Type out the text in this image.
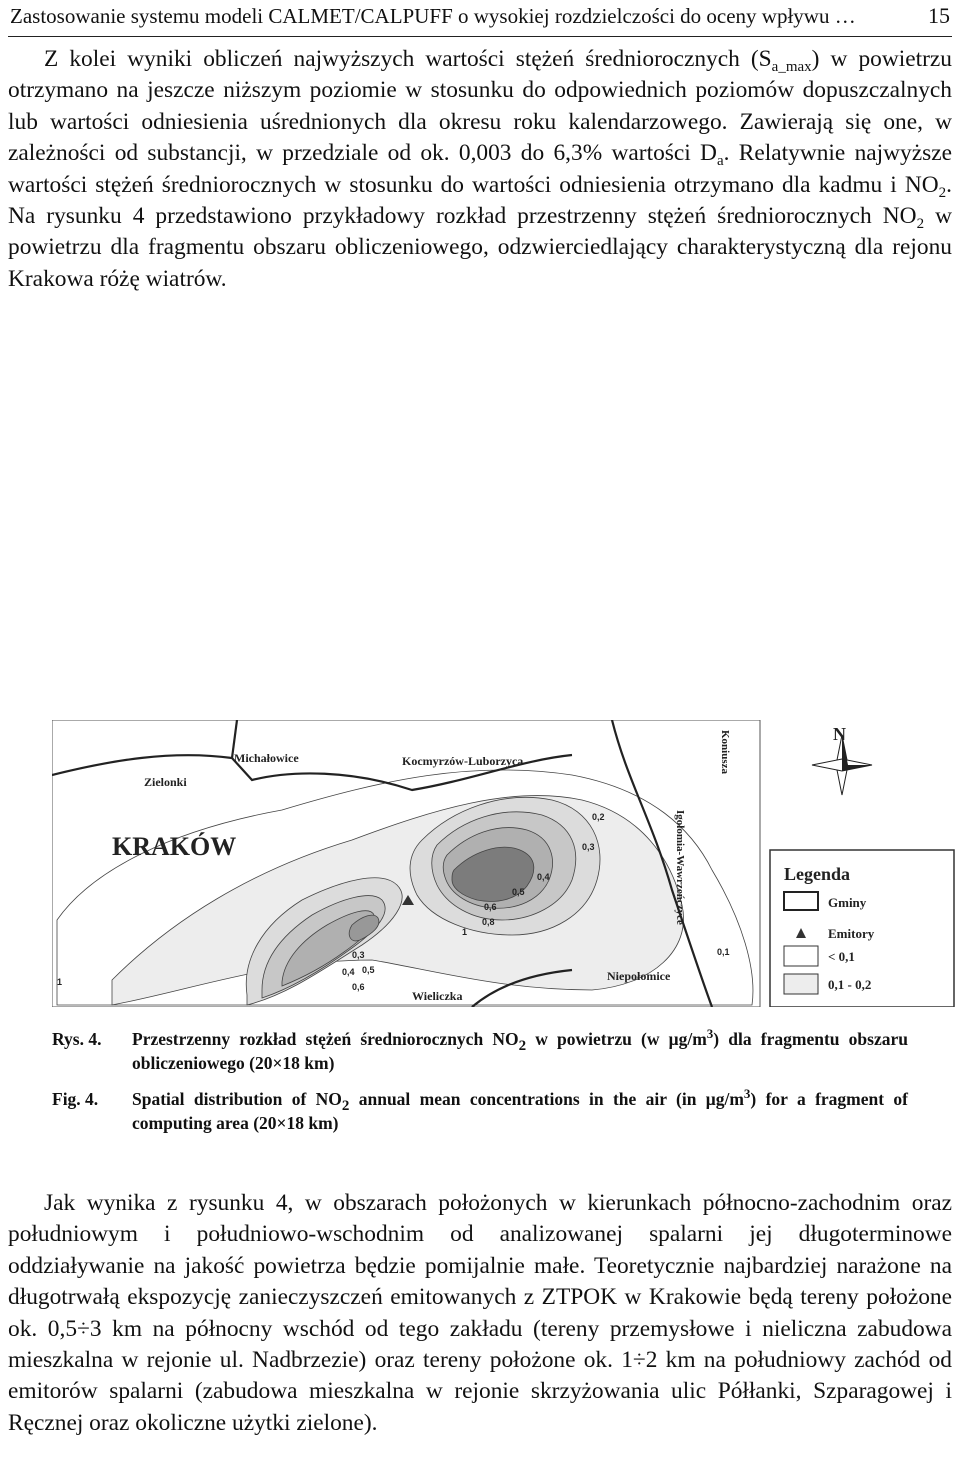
Zastosowanie systemu modeli CALMET/CALPUFF o wysokiej rozdzielczości do oceny wpływu …	15

Z kolei wyniki obliczeń najwyższych wartości stężeń średniorocznych $(S_{a\_max})$ w powietrzu otrzymano na jeszcze niższym poziomie w stosunku do odpowiednich poziomów dopuszczalnych lub wartości odniesienia uśrednionych dla okresu roku kalendarzowego. Zawierają się one, w zależności od substancji, w przedziale od ok. 0,003 do 6,3% wartości $D_a$. Relatywnie najwyższe wartości stężeń średniorocznych w stosunku do wartości odniesienia otrzymano dla kadmu i $NO_2$. Na rysunku 4 przedstawiono przykładowy rozkład przestrzenny stężeń średniorocznych $NO_2$ w powietrzu dla fragmentu obszaru obliczeniowego, odzwierciedlający charakterystyczną dla rejonu Krakowa różę wiatrów.

Michałowice
Zielonki
Kocmyrzów-Luborzyca	Koniusza
KRAKÓW	Igołomia-Wawrzeńczyce
Niepołomice
Wieliczka
0,2
0,3
0,4
0,5
0,6
0,8
1
0,3
0,4 0,5
0,6
0,1
1
N
Legenda
Gminy
Emitory
< 0,1
0,1 - 0,2
Rys. 4. Przestrzenny rozkład stężeń średniorocznych $NO_2$ w powietrzu (w $\mu g/m^3$) dla fragmentu obszaru obliczeniowego (20×18 km)
Fig. 4. Spatial distribution of $NO_2$ annual mean concentrations in the air (in $\mu g/m^3$) for a fragment of computing area (20×18 km)

Jak wynika z rysunku 4, w obszarach położonych w kierunkach północno-zachodnim oraz południowym i południowo-wschodnim od analizowanej spalarni jej długoterminowe oddziaływanie na jakość powietrza będzie pomijalnie małe. Teoretycznie najbardziej narażone na długotrwałą ekspozycję zanieczyszczeń emitowanych z ZTPOK w Krakowie będą tereny położone ok. 0,5÷3 km na północny wschód od tego zakładu (tereny przemysłowe i nieliczna zabudowa mieszkalna w rejonie ul. Nadbrzezie) oraz tereny położone ok. 1÷2 km na południowy zachód od emitorów spalarni (zabudowa mieszkalna w rejonie skrzyżowania ulic Półłanki, Szparagowej i Ręcznej oraz okoliczne użytki zielone).
